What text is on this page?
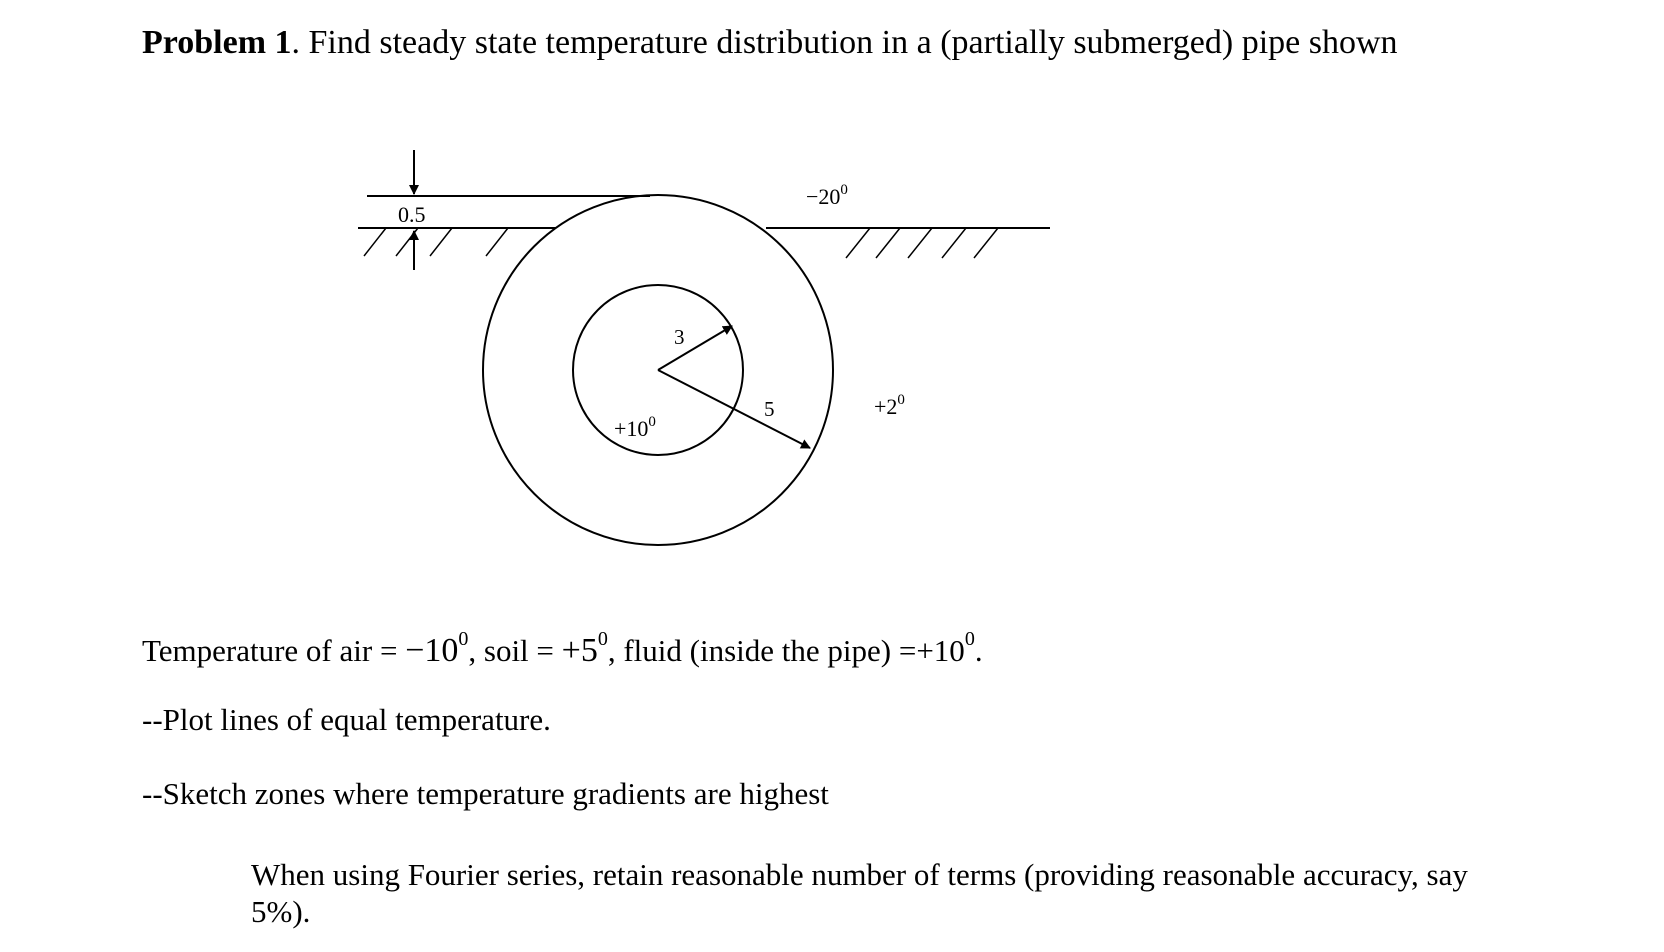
Problem 1. Find steady state temperature distribution in a (partially submerged) pipe shown
0.5
3
5
$-20^0$
$+2^0$
$+10^0$
Temperature of air = $-10^0$, soil = $+5^0$, fluid (inside the pipe) $=+10^0$.
--Plot lines of equal temperature.
--Sketch zones where temperature gradients are highest
When using Fourier series, retain reasonable number of terms (providing reasonable accuracy, say 5%).
